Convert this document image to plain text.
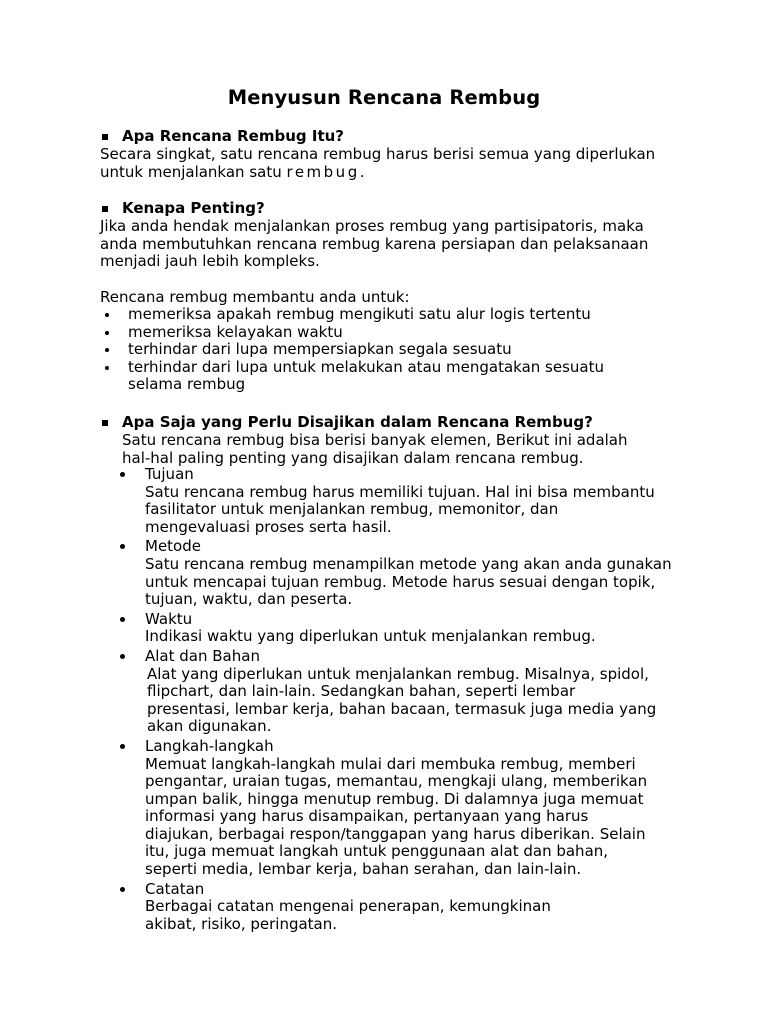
Menyusun Rencana Rembug
Apa Rencana Rembug Itu?
Secara singkat, satu rencana rembug harus berisi semua yang diperlukan
untuk menjalankan satu rembug.
Kenapa Penting?
Jika anda hendak menjalankan proses rembug yang partisipatoris, maka
anda membutuhkan rencana rembug karena persiapan dan pelaksanaan
menjadi jauh lebih kompleks.
Rencana rembug membantu anda untuk:
memeriksa apakah rembug mengikuti satu alur logis tertentu
memeriksa kelayakan waktu
terhindar dari lupa mempersiapkan segala sesuatu
terhindar dari lupa untuk melakukan atau mengatakan sesuatu
selama rembug
Apa Saja yang Perlu Disajikan dalam Rencana Rembug?
Satu rencana rembug bisa berisi banyak elemen, Berikut ini adalah
hal-hal paling penting yang disajikan dalam rencana rembug.
Tujuan
Satu rencana rembug harus memiliki tujuan. Hal ini bisa membantu
fasilitator untuk menjalankan rembug, memonitor, dan
mengevaluasi proses serta hasil.
Metode
Satu rencana rembug menampilkan metode yang akan anda gunakan
untuk mencapai tujuan rembug. Metode harus sesuai dengan topik,
tujuan, waktu, dan peserta.
Waktu
Indikasi waktu yang diperlukan untuk menjalankan rembug.
Alat dan Bahan
Alat yang diperlukan untuk menjalankan rembug. Misalnya, spidol,
flipchart, dan lain-lain. Sedangkan bahan, seperti lembar
presentasi, lembar kerja, bahan bacaan, termasuk juga media yang
akan digunakan.
Langkah-langkah
Memuat langkah-langkah mulai dari membuka rembug, memberi
pengantar, uraian tugas, memantau, mengkaji ulang, memberikan
umpan balik, hingga menutup rembug. Di dalamnya juga memuat
informasi yang harus disampaikan, pertanyaan yang harus
diajukan, berbagai respon/tanggapan yang harus diberikan. Selain
itu, juga memuat langkah untuk penggunaan alat dan bahan,
seperti media, lembar kerja, bahan serahan, dan lain-lain.
Catatan
Berbagai catatan mengenai penerapan, kemungkinan
akibat, risiko, peringatan.
